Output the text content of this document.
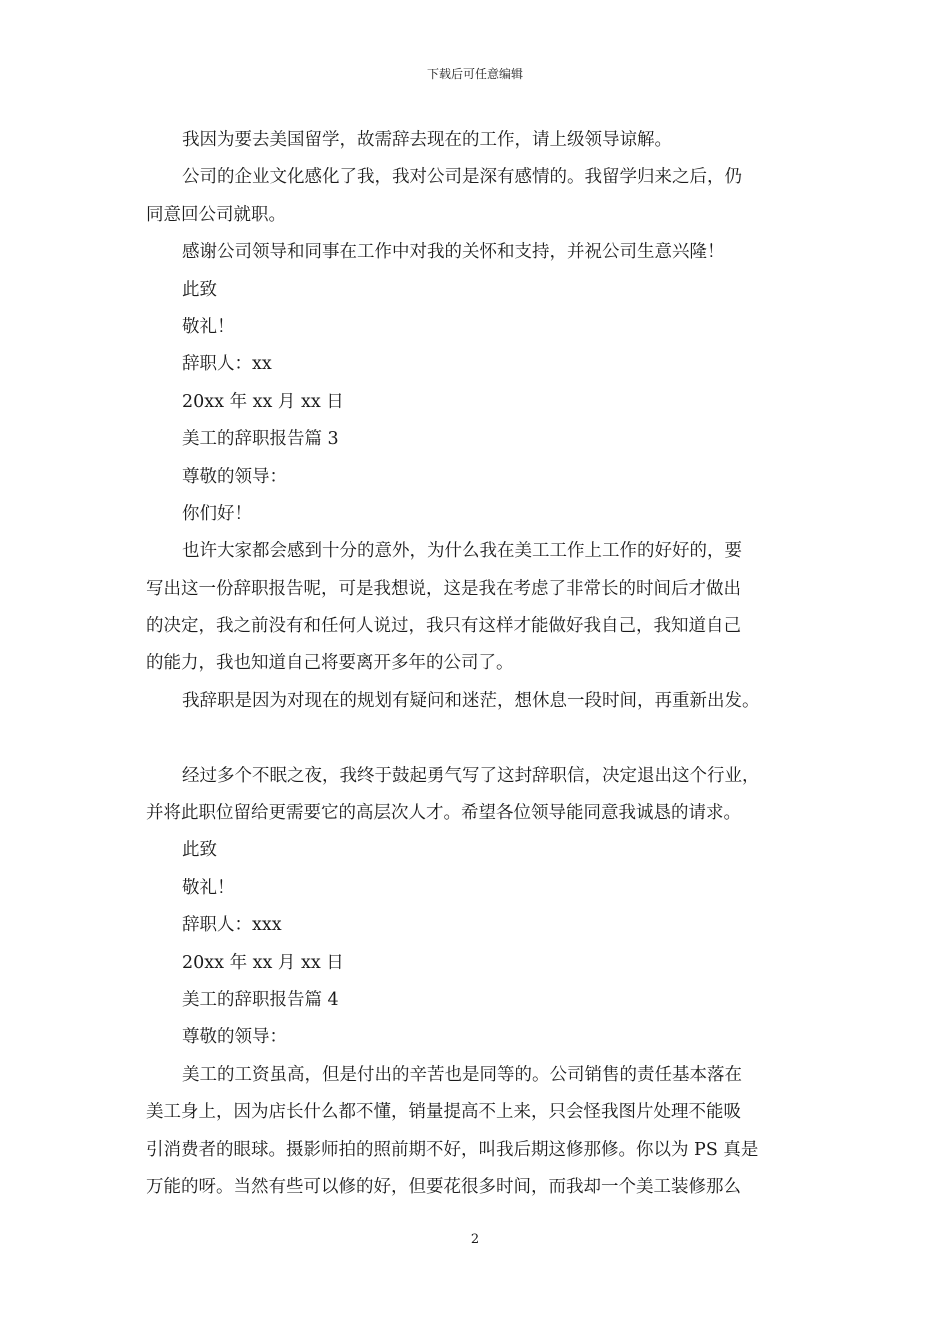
下载后可任意编辑
我因为要去美国留学，故需辞去现在的工作，请上级领导谅解。
公司的企业文化感化了我，我对公司是深有感情的。我留学归来之后，仍
同意回公司就职。
感谢公司领导和同事在工作中对我的关怀和支持，并祝公司生意兴隆！
此致
敬礼！
辞职人：xx
20xx 年 xx 月 xx 日
美工的辞职报告篇 3
尊敬的领导：
你们好！
也许大家都会感到十分的意外，为什么我在美工工作上工作的好好的，要
写出这一份辞职报告呢，可是我想说，这是我在考虑了非常长的时间后才做出
的决定，我之前没有和任何人说过，我只有这样才能做好我自己，我知道自己
的能力，我也知道自己将要离开多年的公司了。
我辞职是因为对现在的规划有疑问和迷茫，想休息一段时间，再重新出发。
经过多个不眠之夜，我终于鼓起勇气写了这封辞职信，决定退出这个行业，
并将此职位留给更需要它的高层次人才。希望各位领导能同意我诚恳的请求。
此致
敬礼！
辞职人：xxx
20xx 年 xx 月 xx 日
美工的辞职报告篇 4
尊敬的领导：
美工的工资虽高，但是付出的辛苦也是同等的。公司销售的责任基本落在
美工身上，因为店长什么都不懂，销量提高不上来，只会怪我图片处理不能吸
引消费者的眼球。摄影师拍的照前期不好，叫我后期这修那修。你以为 PS 真是
万能的呀。当然有些可以修的好，但要花很多时间，而我却一个美工装修那么
2
